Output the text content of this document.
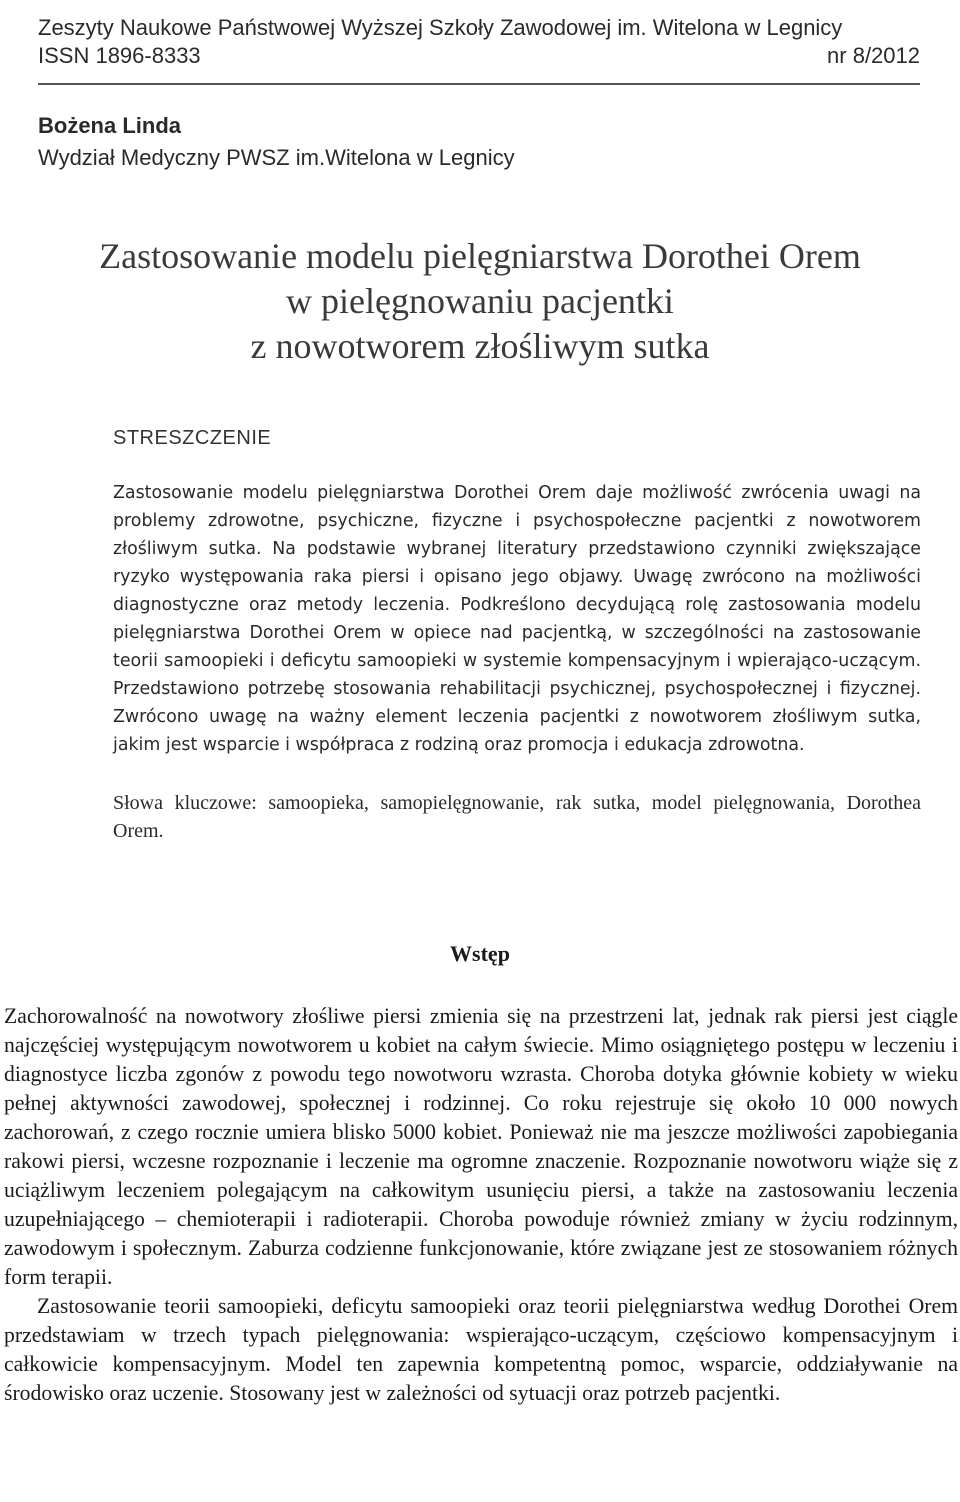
Zeszyty Naukowe Państwowej Wyższej Szkoły Zawodowej im. Witelona w Legnicy
ISSN 1896-8333	nr 8/2012
Bożena Linda
Wydział Medyczny PWSZ im.Witelona w Legnicy
Zastosowanie modelu pielęgniarstwa Dorothei Orem
w pielęgnowaniu pacjentki
z nowotworem złośliwym sutka
STRESZCZENIE
Zastosowanie modelu pielęgniarstwa Dorothei Orem daje możliwość zwrócenia uwagi na problemy zdrowotne, psychiczne, fizyczne i psychospołeczne pacjentki z nowotworem złośliwym sutka. Na podstawie wybranej literatury przedstawiono czynniki zwiększające ryzyko występowania raka piersi i opisano jego objawy. Uwagę zwrócono na możliwości diagnostyczne oraz metody leczenia. Podkreślono decydującą rolę zastosowania modelu pielęgniarstwa Dorothei Orem w opiece nad pacjentką, w szczególności na zastosowanie teorii samoopieki i deficytu samoopieki w systemie kompensacyjnym i wpierająco-uczącym. Przedstawiono potrzebę stosowania rehabilitacji psychicznej, psychospołecznej i fizycznej. Zwrócono uwagę na ważny element leczenia pacjentki z nowotworem złośliwym sutka, jakim jest wsparcie i współpraca z rodziną oraz promocja i edukacja zdrowotna.
Słowa kluczowe: samoopieka, samopielęgnowanie, rak sutka, model pielęgnowania, Dorothea Orem.
Wstęp

Zachorowalność na nowotwory złośliwe piersi zmienia się na przestrzeni lat, jednak rak piersi jest ciągle najczęściej występującym nowotworem u kobiet na całym świecie. Mimo osiągniętego postępu w leczeniu i diagnostyce liczba zgonów z powodu tego nowotworu wzrasta. Choroba dotyka głównie kobiety w wieku pełnej aktywności zawodowej, społecznej i rodzinnej. Co roku rejestruje się około 10 000 nowych zachorowań, z czego rocznie umiera blisko 5000 kobiet. Ponieważ nie ma jeszcze możliwości zapobiegania rakowi piersi, wczesne rozpoznanie i leczenie ma ogromne znaczenie. Rozpoznanie nowotworu wiąże się z uciążliwym leczeniem polegającym na całkowitym usunięciu piersi, a także na zastosowaniu leczenia uzupełniającego – chemioterapii i radioterapii. Choroba powoduje również zmiany w życiu rodzinnym, zawodowym i społecznym. Zaburza codzienne funkcjonowanie, które związane jest ze stosowaniem różnych form terapii.

Zastosowanie teorii samoopieki, deficytu samoopieki oraz teorii pielęgniarstwa według Dorothei Orem przedstawiam w trzech typach pielęgnowania: wspierająco-uczącym, częściowo kompensacyjnym i całkowicie kompensacyjnym. Model ten zapewnia kompetentną pomoc, wsparcie, oddziaływanie na środowisko oraz uczenie. Stosowany jest w zależności od sytuacji oraz potrzeb pacjentki.
